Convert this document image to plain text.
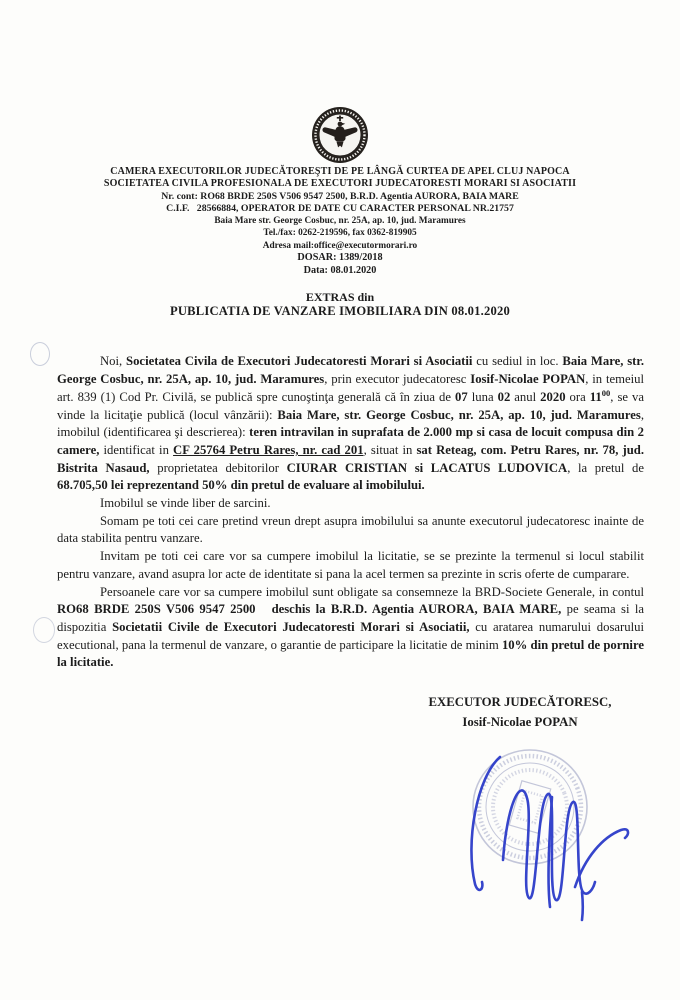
CAMERA EXECUTORILOR JUDECĂTOREŞTI DE PE LÂNGĂ CURTEA DE APEL CLUJ NAPOCA
SOCIETATEA CIVILA PROFESIONALA DE EXECUTORI JUDECATORESTI MORARI SI ASOCIATII
Nr. cont: RO68 BRDE 250S V506 9547 2500, B.R.D. Agentia AURORA, BAIA MARE
C.I.F.   28566884, OPERATOR DE DATE CU CARACTER PERSONAL NR.21757
Baia Mare str. George Cosbuc, nr. 25A, ap. 10, jud. Maramures
Tel./fax: 0262-219596, fax 0362-819905
Adresa mail:office@executormorari.ro
DOSAR: 1389/2018
Data: 08.01.2020
EXTRAS din
PUBLICATIA DE VANZARE IMOBILIARA DIN 08.01.2020

Noi, Societatea Civila de Executori Judecatoresti Morari si Asociatii cu sediul in loc. Baia Mare, str. George Cosbuc, nr. 25A, ap. 10, jud. Maramures, prin executor judecatoresc Iosif-Nicolae POPAN, in temeiul art. 839 (1) Cod Pr. Civilă, se publică spre cunoştinţa generală că în ziua de 07 luna 02 anul 2020 ora $11^{00}$, se va vinde la licitaţie publică (locul vânzării): Baia Mare, str. George Cosbuc, nr. 25A, ap. 10, jud. Maramures, imobilul (identificarea şi descrierea): teren intravilan in suprafata de 2.000 mp si casa de locuit compusa din 2 camere, identificat in CF 25764 Petru Rares, nr. cad 201, situat in sat Reteag, com. Petru Rares, nr. 78, jud. Bistrita Nasaud, proprietatea debitorilor CIURAR CRISTIAN si LACATUS LUDOVICA, la pretul de 68.705,50 lei reprezentand 50% din pretul de evaluare al imobilului.

Imobilul se vinde liber de sarcini.

Somam pe toti cei care pretind vreun drept asupra imobilului sa anunte executorul judecatoresc inainte de data stabilita pentru vanzare.

Invitam pe toti cei care vor sa cumpere imobilul la licitatie, se se prezinte la termenul si locul stabilit pentru vanzare, avand asupra lor acte de identitate si pana la acel termen sa prezinte in scris oferte de cumparare.

Persoanele care vor sa cumpere imobilul sunt obligate sa consemneze la BRD-Societe Generale, in contul RO68 BRDE 250S V506 9547 2500 deschis la B.R.D. Agentia AURORA, BAIA MARE, pe seama si la dispozitia Societatii Civile de Executori Judecatoresti Morari si Asociatii, cu aratarea numarului dosarului executional, pana la termenul de vanzare, o garantie de participare la licitatie de minim 10% din pretul de pornire la licitatie.

EXECUTOR JUDECĂTORESC,
Iosif-Nicolae POPAN
